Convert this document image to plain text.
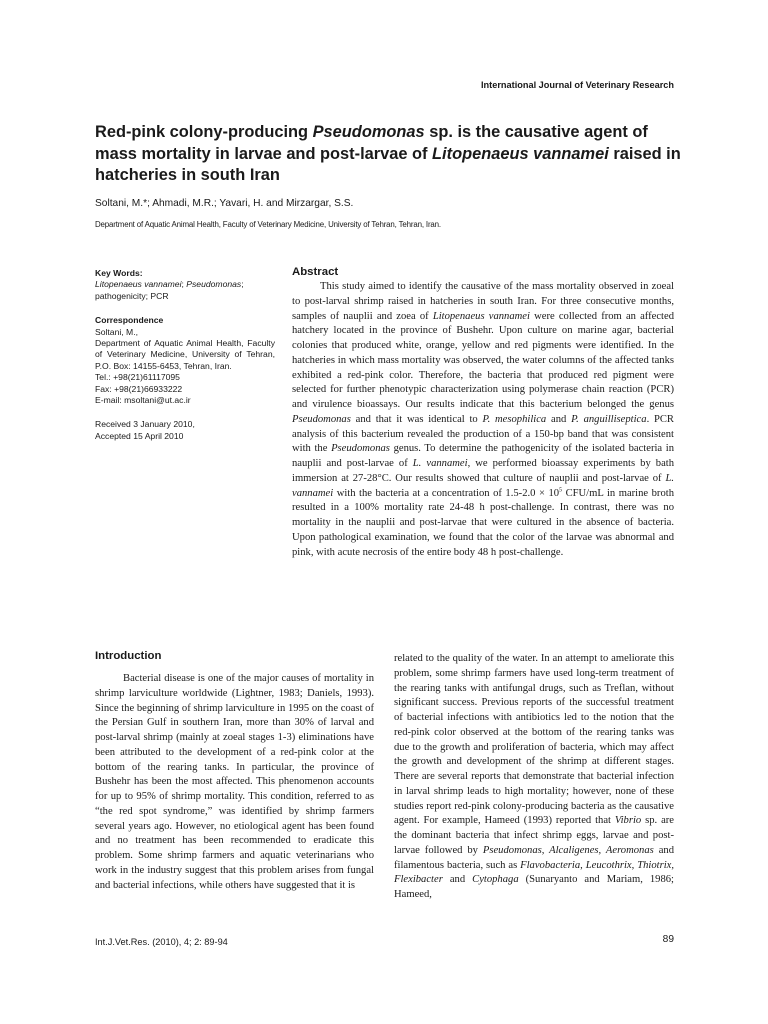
International Journal of Veterinary Research
Red-pink colony-producing Pseudomonas sp. is the causative agent of mass mortality in larvae and post-larvae of Litopenaeus vannamei raised in hatcheries in south Iran
Soltani, M.*; Ahmadi, M.R.; Yavari, H. and Mirzargar, S.S.
Department of Aquatic Animal Health, Faculty of Veterinary Medicine, University of Tehran, Tehran, Iran.
Key Words:
Litopenaeus vannamei; Pseudomonas; pathogenicity; PCR
Correspondence
Soltani, M.,
Department of Aquatic Animal Health, Faculty of Veterinary Medicine, University of Tehran, P.O. Box: 14155-6453, Tehran, Iran.
Tel.: +98(21)61117095
Fax: +98(21)66933222
E-mail: msoltani@ut.ac.ir
Received 3 January 2010,
Accepted 15 April 2010
Abstract

This study aimed to identify the causative of the mass mortality observed in zoeal to post-larval shrimp raised in hatcheries in south Iran. For three consecutive months, samples of nauplii and zoea of Litopenaeus vannamei were collected from an affected hatchery located in the province of Bushehr. Upon culture on marine agar, bacterial colonies that produced white, orange, yellow and red pigments were identified. In the hatcheries in which mass mortality was observed, the water columns of the affected tanks exhibited a red-pink color. Therefore, the bacteria that produced red pigment were selected for further phenotypic characterization using polymerase chain reaction (PCR) and virulence bioassays. Our results indicate that this bacterium belonged the genus Pseudomonas and that it was identical to P. mesophilica and P. anguilliseptica. PCR analysis of this bacterium revealed the production of a 150-bp band that was consistent with the Pseudomonas genus. To determine the pathogenicity of the isolated bacteria in nauplii and post-larvae of L. vannamei, we performed bioassay experiments by bath immersion at 27-28°C. Our results showed that culture of nauplii and post-larvae of L. vannamei with the bacteria at a concentration of $1.5-2.0 \times 10^5$ CFU/mL in marine broth resulted in a 100% mortality rate 24-48 h post-challenge. In contrast, there was no mortality in the nauplii and post-larvae that were cultured in the absence of bacteria. Upon pathological examination, we found that the color of the larvae was abnormal and pink, with acute necrosis of the entire body 48 h post-challenge.

Introduction

Bacterial disease is one of the major causes of mortality in shrimp larviculture worldwide (Lightner, 1983; Daniels, 1993). Since the beginning of shrimp larviculture in 1995 on the coast of the Persian Gulf in southern Iran, more than 30% of larval and post-larval shrimp (mainly at zoeal stages 1-3) eliminations have been attributed to the development of a red-pink color at the bottom of the rearing tanks. In particular, the province of Bushehr has been the most affected. This phenomenon accounts for up to 95% of shrimp mortality. This condition, referred to as “the red spot syndrome,” was identified by shrimp farmers several years ago. However, no etiological agent has been found and no treatment has been recommended to eradicate this problem. Some shrimp farmers and aquatic veterinarians who work in the industry suggest that this problem arises from fungal and bacterial infections, while others have suggested that it is

related to the quality of the water. In an attempt to ameliorate this problem, some shrimp farmers have used long-term treatment of the rearing tanks with antifungal drugs, such as Treflan, without significant success. Previous reports of the successful treatment of bacterial infections with antibiotics led to the notion that the red-pink color observed at the bottom of the rearing tanks was due to the growth and proliferation of bacteria, which may affect the growth and development of the shrimp at different stages. There are several reports that demonstrate that bacterial infection in larval shrimp leads to high mortality; however, none of these studies report red-pink colony-producing bacteria as the causative agent. For example, Hameed (1993) reported that Vibrio sp. are the dominant bacteria that infect shrimp eggs, larvae and post-larvae followed by Pseudomonas, Alcaligenes, Aeromonas and filamentous bacteria, such as Flavobacteria, Leucothrix, Thiotrix, Flexibacter and Cytophaga (Sunaryanto and Mariam, 1986; Hameed,

Int.J.Vet.Res. (2010), 4; 2: 89-94	89
